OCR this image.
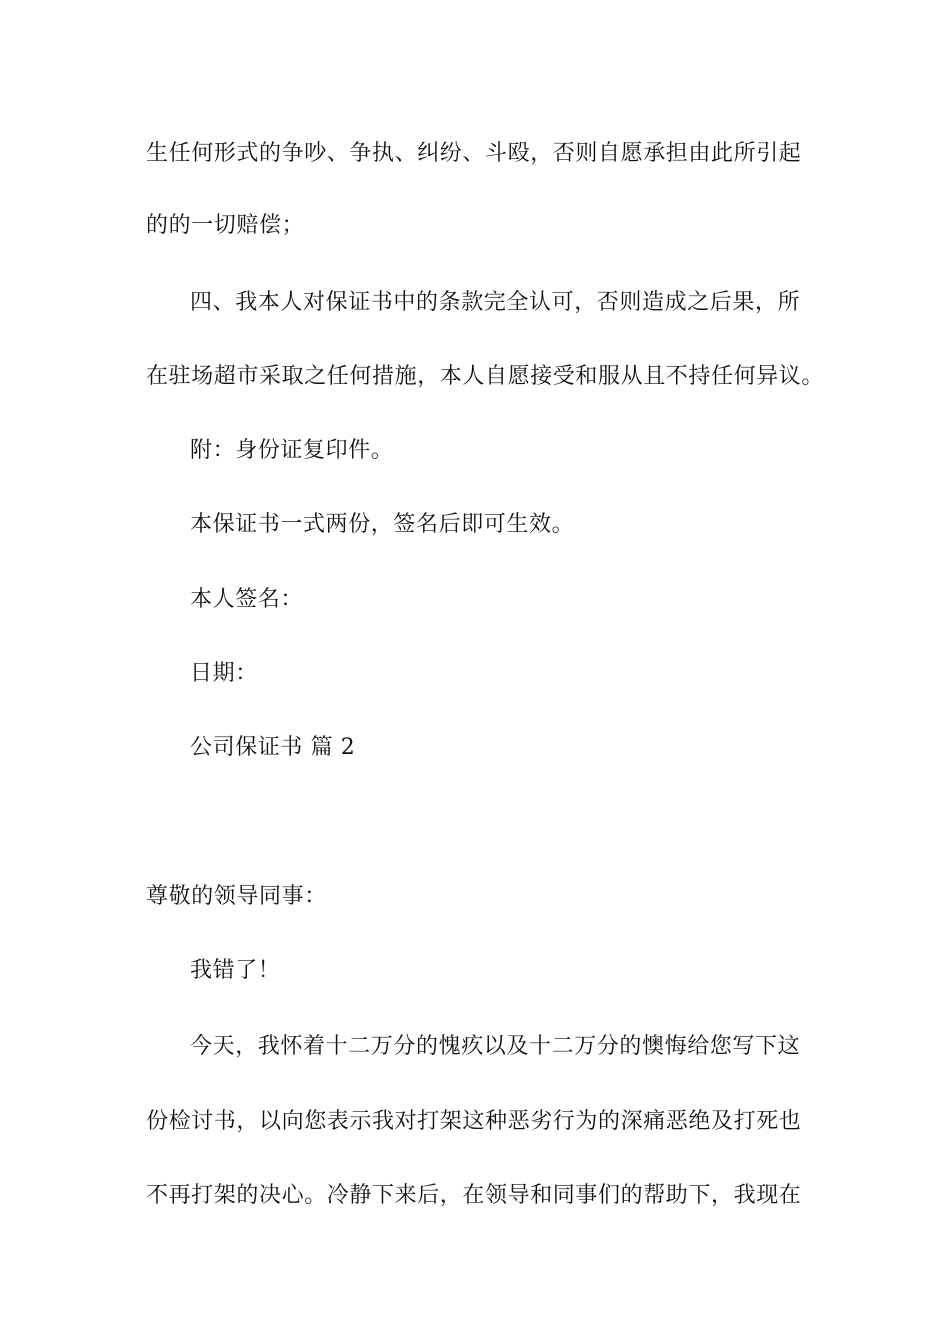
生任何形式的争吵、争执、纠纷、斗殴，否则自愿承担由此所引起
的的一切赔偿；
四、我本人对保证书中的条款完全认可，否则造成之后果，所
在驻场超市采取之任何措施，本人自愿接受和服从且不持任何异议。
附：身份证复印件。
本保证书一式两份，签名后即可生效。
本人签名：
日期：
公司保证书 篇 2
尊敬的领导同事：
我错了！
今天，我怀着十二万分的愧疚以及十二万分的懊悔给您写下这
份检讨书，以向您表示我对打架这种恶劣行为的深痛恶绝及打死也
不再打架的决心。冷静下来后，在领导和同事们的帮助下，我现在
